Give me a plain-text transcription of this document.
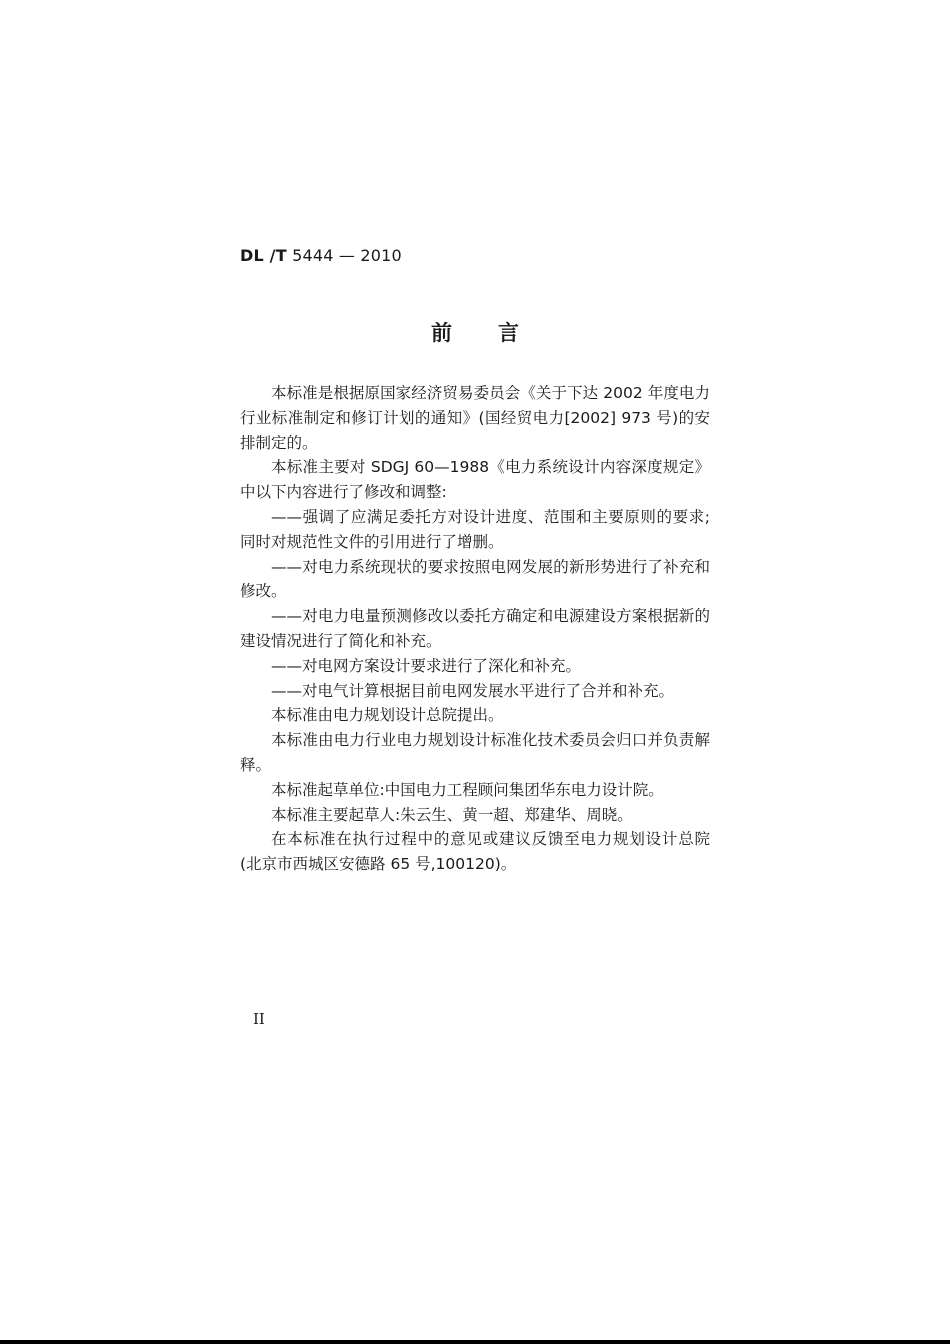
DL /T 5444 — 2010
前言

本标准是根据原国家经济贸易委员会《关于下达 2002 年度电力行业标准制定和修订计划的通知》(国经贸电力[2002] 973 号)的安排制定的。

本标准主要对 SDGJ 60—1988《电力系统设计内容深度规定》中以下内容进行了修改和调整:

——强调了应满足委托方对设计进度、范围和主要原则的要求;同时对规范性文件的引用进行了增删。

——对电力系统现状的要求按照电网发展的新形势进行了补充和修改。

——对电力电量预测修改以委托方确定和电源建设方案根据新的建设情况进行了简化和补充。

——对电网方案设计要求进行了深化和补充。

——对电气计算根据目前电网发展水平进行了合并和补充。

本标准由电力规划设计总院提出。

本标准由电力行业电力规划设计标准化技术委员会归口并负责解释。

本标准起草单位:中国电力工程顾问集团华东电力设计院。

本标准主要起草人:朱云生、黄一超、郑建华、周晓。

在本标准在执行过程中的意见或建议反馈至电力规划设计总院(北京市西城区安德路 65 号,100120)。

II
